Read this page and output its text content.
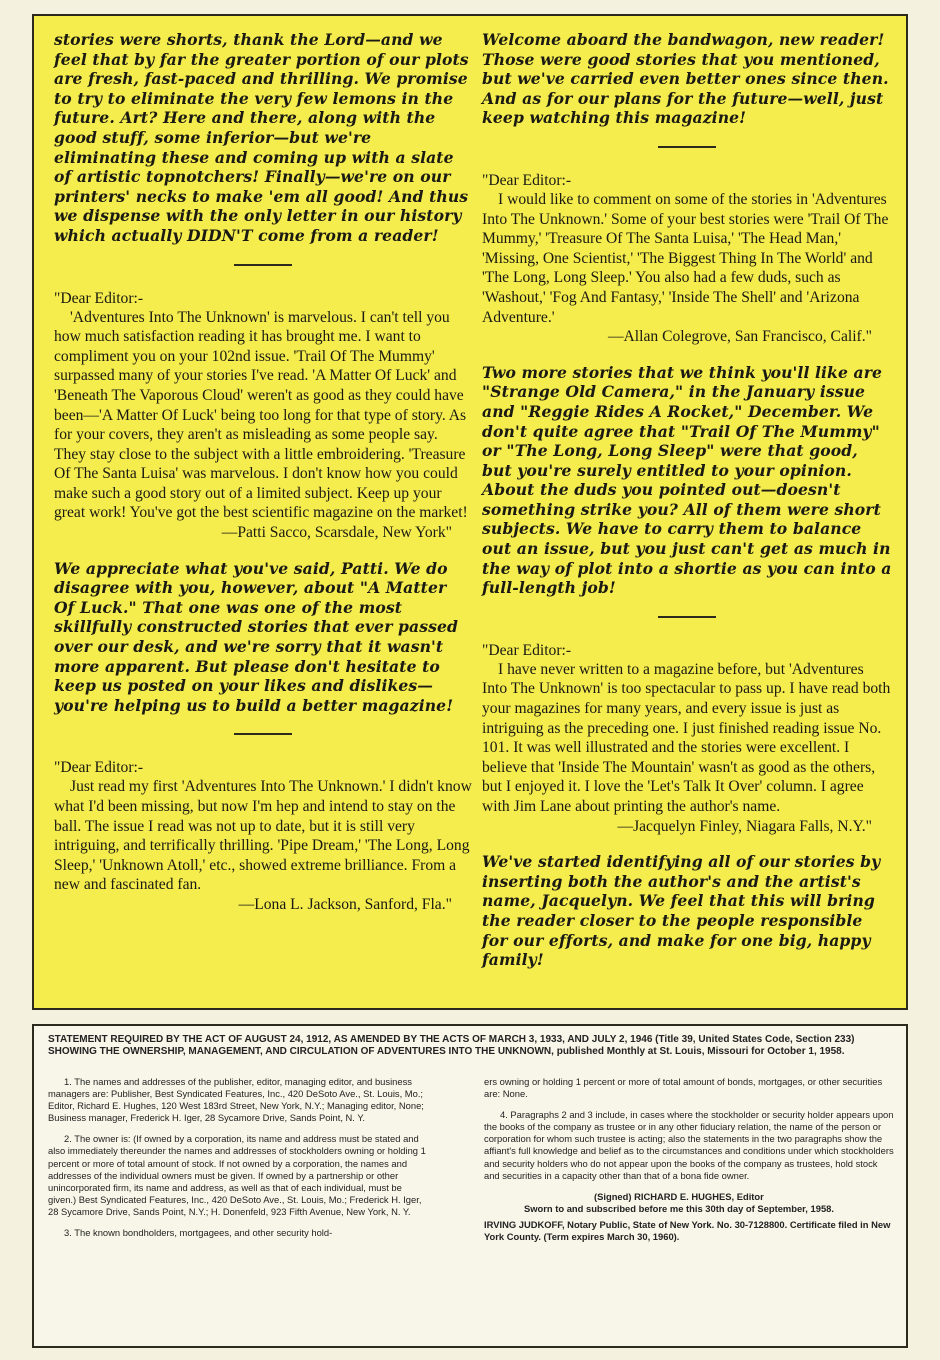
stories were shorts, thank the Lord—and we feel that by far the greater portion of our plots are fresh, fast-paced and thrilling. We promise to try to eliminate the very few lemons in the future. Art? Here and there, along with the good stuff, some inferior—but we're eliminating these and coming up with a slate of artistic topnotchers! Finally—we're on our printers' necks to make 'em all good! And thus we dispense with the only letter in our history which actually DIDN'T come from a reader!

"Dear Editor:-

'Adventures Into The Unknown' is marvelous. I can't tell you how much satisfaction reading it has brought me. I want to compliment you on your 102nd issue. 'Trail Of The Mummy' surpassed many of your stories I've read. 'A Matter Of Luck' and 'Beneath The Vaporous Cloud' weren't as good as they could have been—'A Matter Of Luck' being too long for that type of story. As for your covers, they aren't as misleading as some people say. They stay close to the subject with a little embroidering. 'Treasure Of The Santa Luisa' was marvelous. I don't know how you could make such a good story out of a limited subject. Keep up your great work! You've got the best scientific magazine on the market!

—Patti Sacco, Scarsdale, New York"

We appreciate what you've said, Patti. We do disagree with you, however, about "A Matter Of Luck." That one was one of the most skillfully constructed stories that ever passed over our desk, and we're sorry that it wasn't more apparent. But please don't hesitate to keep us posted on your likes and dislikes—you're helping us to build a better magazine!

"Dear Editor:-

Just read my first 'Adventures Into The Unknown.' I didn't know what I'd been missing, but now I'm hep and intend to stay on the ball. The issue I read was not up to date, but it is still very intriguing, and terrifically thrilling. 'Pipe Dream,' 'The Long, Long Sleep,' 'Unknown Atoll,' etc., showed extreme brilliance. From a new and fascinated fan.

—Lona L. Jackson, Sanford, Fla."

Welcome aboard the bandwagon, new reader! Those were good stories that you mentioned, but we've carried even better ones since then. And as for our plans for the future—well, just keep watching this magazine!

"Dear Editor:-

I would like to comment on some of the stories in 'Adventures Into The Unknown.' Some of your best stories were 'Trail Of The Mummy,' 'Treasure Of The Santa Luisa,' 'The Head Man,' 'Missing, One Scientist,' 'The Biggest Thing In The World' and 'The Long, Long Sleep.' You also had a few duds, such as 'Washout,' 'Fog And Fantasy,' 'Inside The Shell' and 'Arizona Adventure.'

—Allan Colegrove, San Francisco, Calif."

Two more stories that we think you'll like are "Strange Old Camera," in the January issue and "Reggie Rides A Rocket," December. We don't quite agree that "Trail Of The Mummy" or "The Long, Long Sleep" were that good, but you're surely entitled to your opinion. About the duds you pointed out—doesn't something strike you? All of them were short subjects. We have to carry them to balance out an issue, but you just can't get as much in the way of plot into a shortie as you can into a full-length job!

"Dear Editor:-

I have never written to a magazine before, but 'Adventures Into The Unknown' is too spectacular to pass up. I have read both your magazines for many years, and every issue is just as intriguing as the preceding one. I just finished reading issue No. 101. It was well illustrated and the stories were excellent. I believe that 'Inside The Mountain' wasn't as good as the others, but I enjoyed it. I love the 'Let's Talk It Over' column. I agree with Jim Lane about printing the author's name.

—Jacquelyn Finley, Niagara Falls, N.Y."

We've started identifying all of our stories by inserting both the author's and the artist's name, Jacquelyn. We feel that this will bring the reader closer to the people responsible for our efforts, and make for one big, happy family!

STATEMENT REQUIRED BY THE ACT OF AUGUST 24, 1912, AS AMENDED BY THE ACTS OF MARCH 3, 1933, AND JULY 2, 1946 (Title 39, United States Code, Section 233) SHOWING THE OWNERSHIP, MANAGEMENT, AND CIRCULATION OF ADVENTURES INTO THE UNKNOWN, published Monthly at St. Louis, Missouri for October 1, 1958.

1. The names and addresses of the publisher, editor, managing editor, and business managers are: Publisher, Best Syndicated Features, Inc., 420 DeSoto Ave., St. Louis, Mo.; Editor, Richard E. Hughes, 120 West 183rd Street, New York, N.Y.; Managing editor, None; Business manager, Frederick H. Iger, 28 Sycamore Drive, Sands Point, N. Y.

2. The owner is: (If owned by a corporation, its name and address must be stated and also immediately thereunder the names and addresses of stockholders owning or holding 1 percent or more of total amount of stock. If not owned by a corporation, the names and addresses of the individual owners must be given. If owned by a partnership or other unincorporated firm, its name and address, as well as that of each individual, must be given.) Best Syndicated Features, Inc., 420 DeSoto Ave., St. Louis, Mo.; Frederick H. Iger, 28 Sycamore Drive, Sands Point, N.Y.; H. Donenfeld, 923 Fifth Avenue, New York, N. Y.

3. The known bondholders, mortgagees, and other security hold-

ers owning or holding 1 percent or more of total amount of bonds, mortgages, or other securities are: None.

4. Paragraphs 2 and 3 include, in cases where the stockholder or security holder appears upon the books of the company as trustee or in any other fiduciary relation, the name of the person or corporation for whom such trustee is acting; also the statements in the two paragraphs show the affiant's full knowledge and belief as to the circumstances and conditions under which stockholders and security holders who do not appear upon the books of the company as trustees, hold stock and securities in a capacity other than that of a bona fide owner.

(Signed) RICHARD E. HUGHES, Editor

Sworn to and subscribed before me this 30th day of September, 1958.

IRVING JUDKOFF, Notary Public, State of New York. No. 30-7128800. Certificate filed in New York County. (Term expires March 30, 1960).
